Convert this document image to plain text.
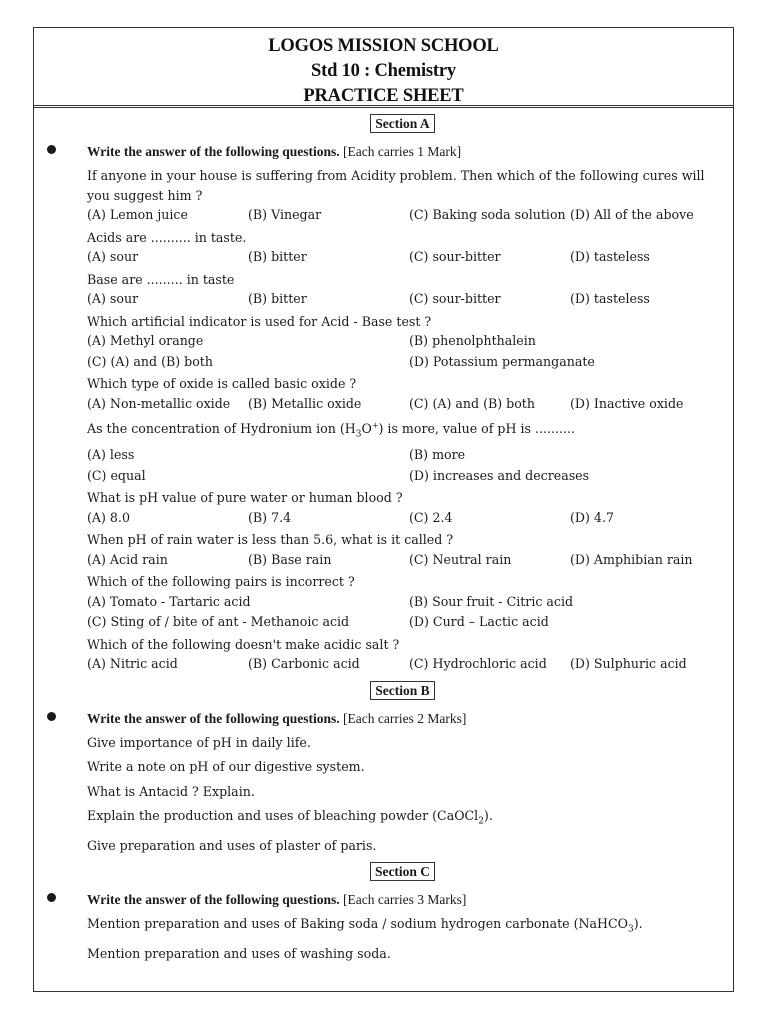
LOGOS MISSION SCHOOL
Std 10 : Chemistry
PRACTICE SHEET
Section A
Write the answer of the following questions. [Each carries 1 Mark]
If anyone in your house is suffering from Acidity problem. Then which of the following cures will you suggest him ?
(A) Lemon juice	(B) Vinegar	(C) Baking soda solution (D) All of the above
Acids are .......... in taste.
(A) sour	(B) bitter	(C) sour-bitter	(D) tasteless
Base are ......... in taste
(A) sour	(B) bitter	(C) sour-bitter	(D) tasteless
Which artificial indicator is used for Acid - Base test ?
(A) Methyl orange	(B) phenolphthalein
(C) (A) and (B) both	(D) Potassium permanganate
Which type of oxide is called basic oxide ?
(A) Non-metallic oxide	(B) Metallic oxide	(C) (A) and (B) both	(D) Inactive oxide
As the concentration of Hydronium ion $(H_3O^+)$ is more, value of pH is ..........
(A) less	(B) more
(C) equal	(D) increases and decreases
What is pH value of pure water or human blood ?
(A) 8.0	(B) 7.4	(C) 2.4	(D) 4.7
When pH of rain water is less than 5.6, what is it called ?
(A) Acid rain	(B) Base rain	(C) Neutral rain	(D) Amphibian rain
Which of the following pairs is incorrect ?
(A) Tomato - Tartaric acid	(B) Sour fruit - Citric acid
(C) Sting of / bite of ant - Methanoic acid	(D) Curd – Lactic acid
Which of the following doesn't make acidic salt ?
(A) Nitric acid	(B) Carbonic acid	(C) Hydrochloric acid	(D) Sulphuric acid
Section B
Write the answer of the following questions. [Each carries 2 Marks]
Give importance of pH in daily life.
Write a note on pH of our digestive system.
What is Antacid ? Explain.
Explain the production and uses of bleaching powder (CaOCl$_2$).
Give preparation and uses of plaster of paris.
Section C
Write the answer of the following questions. [Each carries 3 Marks]
Mention preparation and uses of Baking soda / sodium hydrogen carbonate (NaHCO$_3$).
Mention preparation and uses of washing soda.
